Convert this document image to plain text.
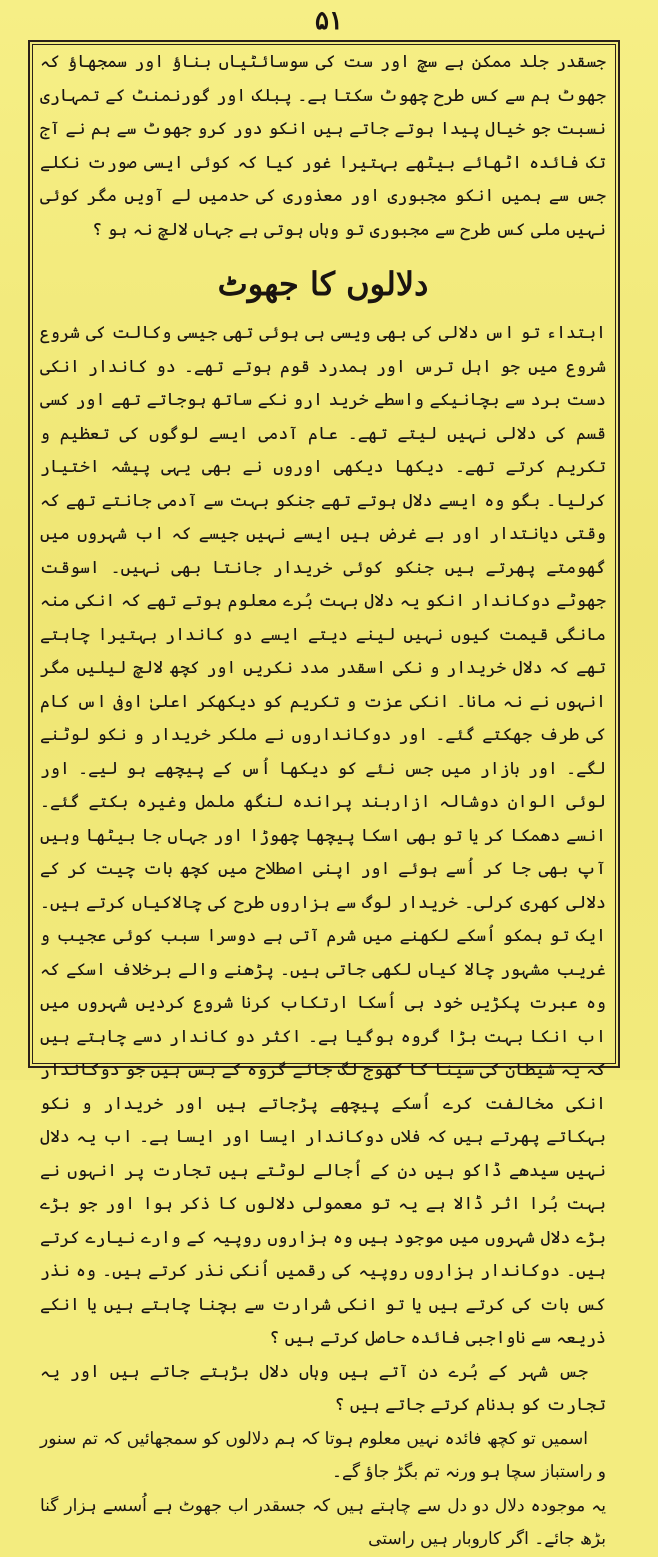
۵۱

جسقدر جلد ممکن ہے سچ اور ست کی سوسائٹیاں بناؤ اور سمجھاؤ کہ جھوٹ ہم سے کس طرح چھوٹ سکتا ہے۔ پبلک اور گورنمنٹ کے تمہاری نسبت جو خیال پیدا ہوتے جاتے ہیں انکو دور کرو جھوٹ سے ہم نے آج تک فائدہ اٹھائے بیٹھے بہتیرا غور کیا کہ کوئی ایسی صورت نکلے جس سے ہمیں انکو مجبوری اور معذوری کی حدمیں لے آویں مگر کوئی نہیں ملی کس طرح سے مجبوری تو وہاں ہوتی ہے جہاں لالچ نہ ہو ؟

دلالوں کا جھوٹ

ابتداء تو اس دلالی کی بھی ویسی ہی ہوئی تھی جیسی وکالت کی شروع شروع میں جو اہل ترس اور ہمدرد قوم ہوتے تھے۔ دو کاندار انکی دست برد سے بچانیکے واسطے خرید ارو نکے ساتھ ہوجاتے تھے اور کسی قسم کی دلالی نہیں لیتے تھے۔ عام آدمی ایسے لوگوں کی تعظیم و تکریم کرتے تھے۔ دیکھا دیکھی اوروں نے بھی یہی پیشہ اختیار کرلیا۔ بگو وہ ایسے دلال ہوتے تھے جنکو بہت سے آدمی جانتے تھے کہ وقتی دیانتدار اور بے غرض ہیں ایسے نہیں جیسے کہ اب شہروں میں گھومتے پھرتے ہیں جنکو کوئی خریدار جانتا بھی نہیں۔ اسوقت جھوٹے دوکاندار انکو یہ دلال بہت بُرے معلوم ہوتے تھے کہ انکی منہ مانگی قیمت کیوں نہیں لینے دیتے ایسے دو کاندار بہتیرا چاہتے تھے کہ دلال خریدار و نکی اسقدر مدد نکریں اور کچھ لالچ لیلیں مگر انہوں نے نہ مانا۔ انکی عزت و تکریم کو دیکھکر اعلیٰ اوفی اس کام کی طرف جھکتے گئے۔ اور دوکانداروں نے ملکر خریدار و نکو لوٹنے لگے۔ اور بازار میں جس نئے کو دیکھا اُس کے پیچھے ہو لیے۔ اور لوئی الوان دوشالہ ازاربند پراندہ لنگھ ململ وغیرہ بکتے گئے۔ انسے دھمکا کر یا تو بھی اسکا پیچھا چھوڑا اور جہاں جا بیٹھا وہیں آپ بھی جا کر اُسے ہوئے اور اپنی اصطلاح میں کچھ بات چیت کر کے دلالی کھری کرلی۔ خریدار لوگ سے ہزاروں طرح کی چالاکیاں کرتے ہیں۔ ایک تو ہمکو اُسکے لکھنے میں شرم آتی ہے دوسرا سبب کوئی عجیب و غریب مشہور چالا کیاں لکھی جاتی ہیں۔ پڑھنے والے برخلاف اسکے کہ وہ عبرت پکڑیں خود ہی اُسکا ارتکاب کرنا شروع کردیں شہروں میں اب انکا بہت بڑا گروہ ہوگیا ہے۔ اکثر دو کاندار دسے چاہتے ہیں کہ یہ شیطان کی سینا کا کھوج لگ جائے گروہ کے بس ہیں جو دوکاندار انکی مخالفت کرے اُسکے پیچھے پڑجاتے ہیں اور خریدار و نکو بہکاتے پھرتے ہیں کہ فلاں دوکاندار ایسا اور ایسا ہے۔ اب یہ دلال نہیں سیدھے ڈاکو ہیں دن کے اُجالے لوٹتے ہیں تجارت پر انہوں نے بہت بُرا اثر ڈالا ہے یہ تو معمولی دلالوں کا ذکر ہوا اور جو بڑے بڑے دلال شہروں میں موجود ہیں وہ ہزاروں روپیہ کے وارے نیارے کرتے ہیں۔ دوکاندار ہزاروں روپیہ کی رقمیں اُنکی نذر کرتے ہیں۔ وہ نذر کس بات کی کرتے ہیں یا تو انکی شرارت سے بچنا چاہتے ہیں یا انکے ذریعہ سے ناواجبی فائدہ حاصل کرتے ہیں ؟

جس شہر کے بُرے دن آتے ہیں وہاں دلال بڑہتے جاتے ہیں اور یہ تجارت کو بدنام کرتے جاتے ہیں ؟

اسمیں تو کچھ فائدہ نہیں معلوم ہوتا کہ ہم دلالوں کو سمجھائیں کہ تم سنور و راستباز سچا ہو ورنہ تم بگڑ جاؤ گے۔

یہ موجودہ دلال دو دل سے چاہتے ہیں کہ جسقدر اب جھوٹ ہے اُسسے ہزار گنا بڑھ جائے۔ اگر کاروبار ہیں راستی
